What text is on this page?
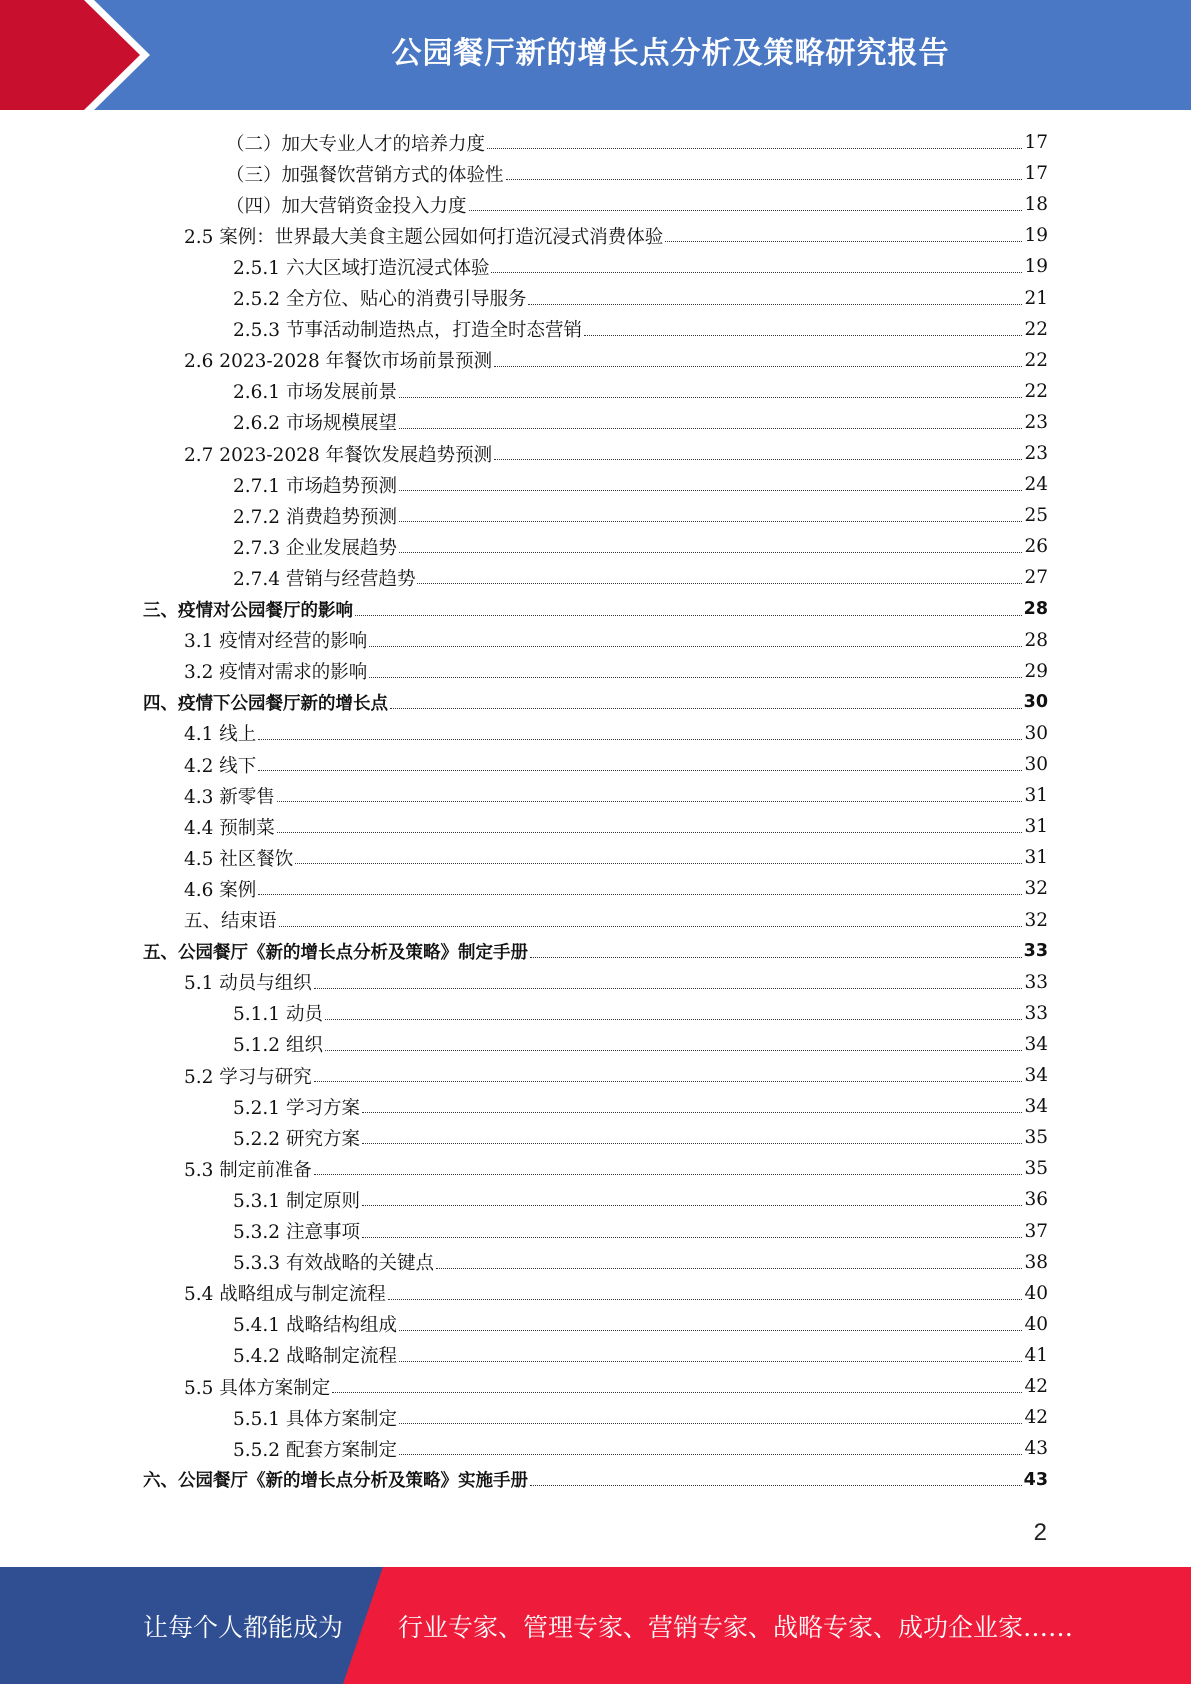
公园餐厅新的增长点分析及策略研究报告
（二）加大专业人才的培养力度	17
（三）加强餐饮营销方式的体验性	17
（四）加大营销资金投入力度	18
2.5 案例：世界最大美食主题公园如何打造沉浸式消费体验	19
2.5.1 六大区域打造沉浸式体验	19
2.5.2 全方位、贴心的消费引导服务	21
2.5.3 节事活动制造热点，打造全时态营销	22
2.6 2023-2028 年餐饮市场前景预测	22
2.6.1 市场发展前景	22
2.6.2 市场规模展望	23
2.7 2023-2028 年餐饮发展趋势预测	23
2.7.1 市场趋势预测	24
2.7.2 消费趋势预测	25
2.7.3 企业发展趋势	26
2.7.4 营销与经营趋势	27
三、疫情对公园餐厅的影响	28
3.1 疫情对经营的影响	28
3.2 疫情对需求的影响	29
四、疫情下公园餐厅新的增长点	30
4.1 线上	30
4.2 线下	30
4.3 新零售	31
4.4 预制菜	31
4.5 社区餐饮	31
4.6 案例	32
五、结束语	32
五、公园餐厅《新的增长点分析及策略》制定手册	33
5.1 动员与组织	33
5.1.1 动员	33
5.1.2 组织	34
5.2 学习与研究	34
5.2.1 学习方案	34
5.2.2 研究方案	35
5.3 制定前准备	35
5.3.1 制定原则	36
5.3.2 注意事项	37
5.3.3 有效战略的关键点	38
5.4 战略组成与制定流程	40
5.4.1 战略结构组成	40
5.4.2 战略制定流程	41
5.5 具体方案制定	42
5.5.1 具体方案制定	42
5.5.2 配套方案制定	43
六、公园餐厅《新的增长点分析及策略》实施手册	43
2
让每个人都能成为 行业专家、管理专家、营销专家、战略专家、成功企业家……
